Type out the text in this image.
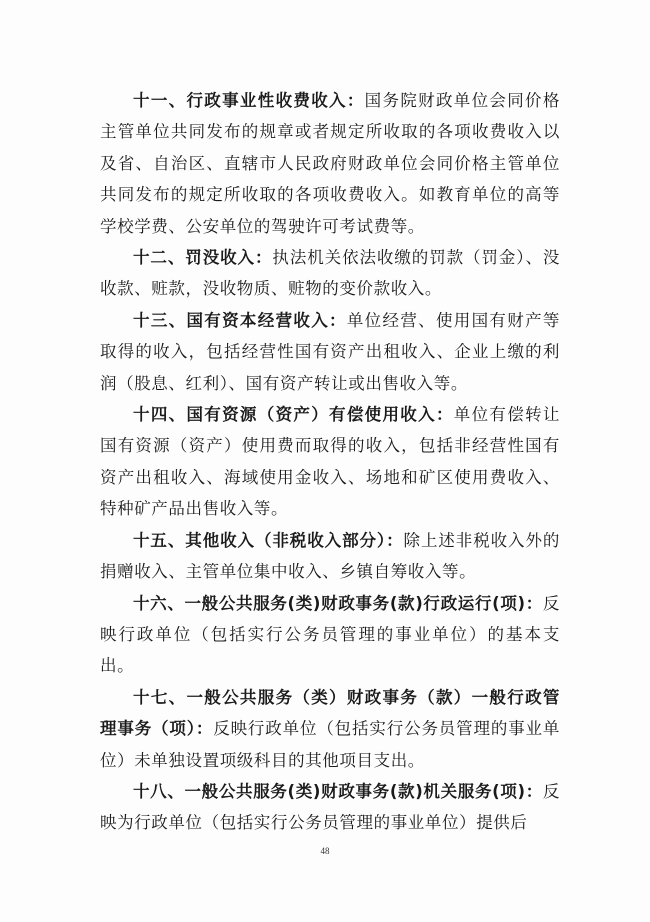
十一、行政事业性收费收入：国务院财政单位会同价格主管单位共同发布的规章或者规定所收取的各项收费收入以及省、自治区、直辖市人民政府财政单位会同价格主管单位共同发布的规定所收取的各项收费收入。如教育单位的高等学校学费、公安单位的驾驶许可考试费等。

十二、罚没收入：执法机关依法收缴的罚款（罚金）、没收款、赃款，没收物质、赃物的变价款收入。

十三、国有资本经营收入：单位经营、使用国有财产等取得的收入，包括经营性国有资产出租收入、企业上缴的利润（股息、红利）、国有资产转让或出售收入等。

十四、国有资源（资产）有偿使用收入：单位有偿转让国有资源（资产）使用费而取得的收入，包括非经营性国有资产出租收入、海域使用金收入、场地和矿区使用费收入、特种矿产品出售收入等。

十五、其他收入（非税收入部分）：除上述非税收入外的捐赠收入、主管单位集中收入、乡镇自筹收入等。

十六、一般公共服务(类)财政事务(款)行政运行(项)：反映行政单位（包括实行公务员管理的事业单位）的基本支出。

十七、一般公共服务（类）财政事务（款）一般行政管理事务（项）：反映行政单位（包括实行公务员管理的事业单位）未单独设置项级科目的其他项目支出。

十八、一般公共服务(类)财政事务(款)机关服务(项)：反映为行政单位（包括实行公务员管理的事业单位）提供后

48
